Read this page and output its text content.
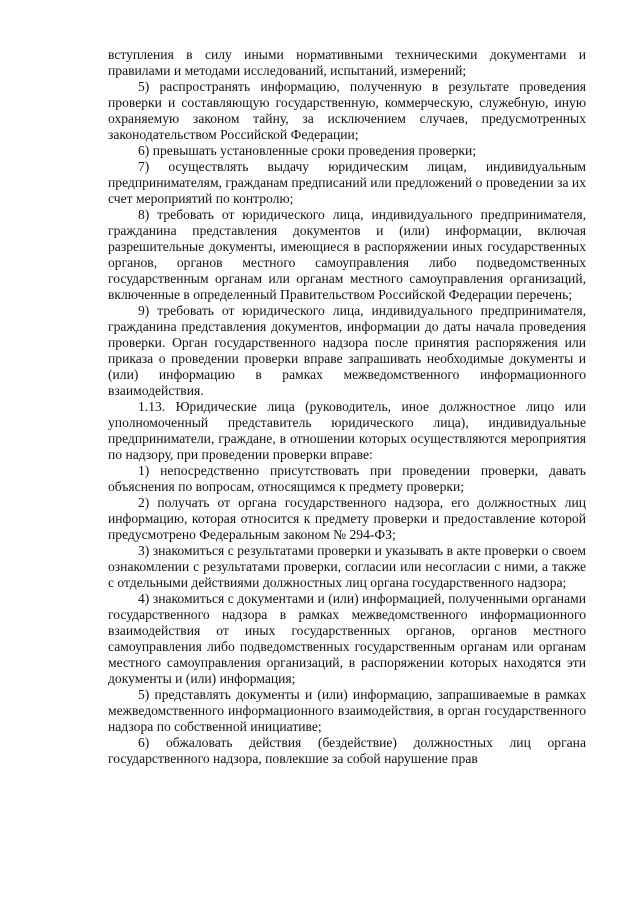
вступления в силу иными нормативными техническими документами и правилами и методами исследований, испытаний, измерений;

5) распространять информацию, полученную в результате проведения проверки и составляющую государственную, коммерческую, служебную, иную охраняемую законом тайну, за исключением случаев, предусмотренных законодательством Российской Федерации;

6) превышать установленные сроки проведения проверки;

7) осуществлять выдачу юридическим лицам, индивидуальным предпринимателям, гражданам предписаний или предложений о проведении за их счет мероприятий по контролю;

8) требовать от юридического лица, индивидуального предпринимателя, гражданина представления документов и (или) информации, включая разрешительные документы, имеющиеся в распоряжении иных государственных органов, органов местного самоуправления либо подведомственных государственным органам или органам местного самоуправления организаций, включенные в определенный Правительством Российской Федерации перечень;

9) требовать от юридического лица, индивидуального предпринимателя, гражданина представления документов, информации до даты начала проведения проверки. Орган государственного надзора после принятия распоряжения или приказа о проведении проверки вправе запрашивать необходимые документы и (или) информацию в рамках межведомственного информационного взаимодействия.

1.13. Юридические лица (руководитель, иное должностное лицо или уполномоченный представитель юридического лица), индивидуальные предприниматели, граждане, в отношении которых осуществляются мероприятия по надзору, при проведении проверки вправе:

1) непосредственно присутствовать при проведении проверки, давать объяснения по вопросам, относящимся к предмету проверки;

2) получать от органа государственного надзора, его должностных лиц информацию, которая относится к предмету проверки и предоставление которой предусмотрено Федеральным законом № 294-ФЗ;

3) знакомиться с результатами проверки и указывать в акте проверки о своем ознакомлении с результатами проверки, согласии или несогласии с ними, а также с отдельными действиями должностных лиц органа государственного надзора;

4) знакомиться с документами и (или) информацией, полученными органами государственного надзора в рамках межведомственного информационного взаимодействия от иных государственных органов, органов местного самоуправления либо подведомственных государственным органам или органам местного самоуправления организаций, в распоряжении которых находятся эти документы и (или) информация;

5) представлять документы и (или) информацию, запрашиваемые в рамках межведомственного информационного взаимодействия, в орган государственного надзора по собственной инициативе;

6) обжаловать действия (бездействие) должностных лиц органа государственного надзора, повлекшие за собой нарушение прав
